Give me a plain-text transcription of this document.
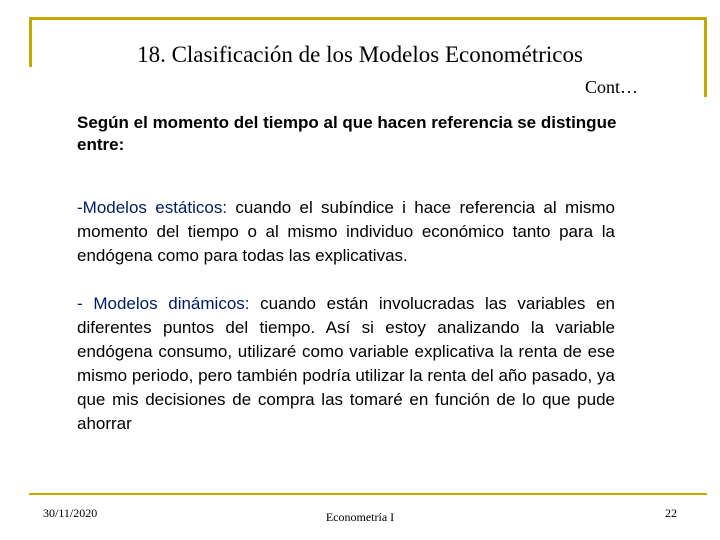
18. Clasificación de los Modelos Econométricos
Cont…
Según el momento del tiempo al que hacen referencia se distingue entre:
-Modelos estáticos: cuando el subíndice i hace referencia al mismo momento del tiempo o al mismo individuo económico tanto para la endógena como para todas las explicativas.
- Modelos dinámicos: cuando están involucradas las variables en diferentes puntos del tiempo. Así si estoy analizando la variable endógena consumo, utilizaré como variable explicativa la renta de ese mismo periodo, pero también podría utilizar la renta del año pasado, ya que mis decisiones de compra las tomaré en función de lo que pude ahorrar
30/11/2020	Econometría I	22
